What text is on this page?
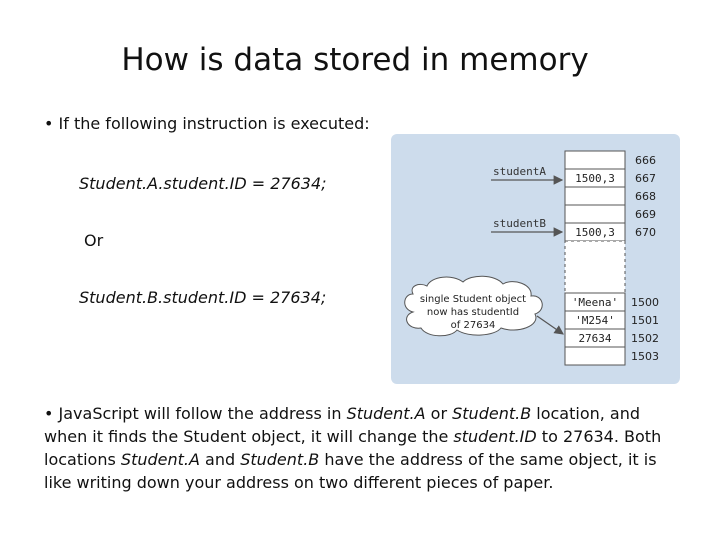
How is data stored in memory
• If the following instruction is executed:
Student.A.student.ID = 27634;
Or
Student.B.student.ID = 27634;
• JavaScript will follow the address in Student.A or Student.B location, and when it finds the Student object, it will change the student.ID to 27634. Both locations Student.A and Student.B have the address of the same object, it is like writing down your address on two different pieces of paper.
1500,3
1500,3
'Meena'
'M254'
27634
666
667
668
669
670
1500
1501
1502
1503
studentA
studentB
single Student object
now has studentId
of 27634
